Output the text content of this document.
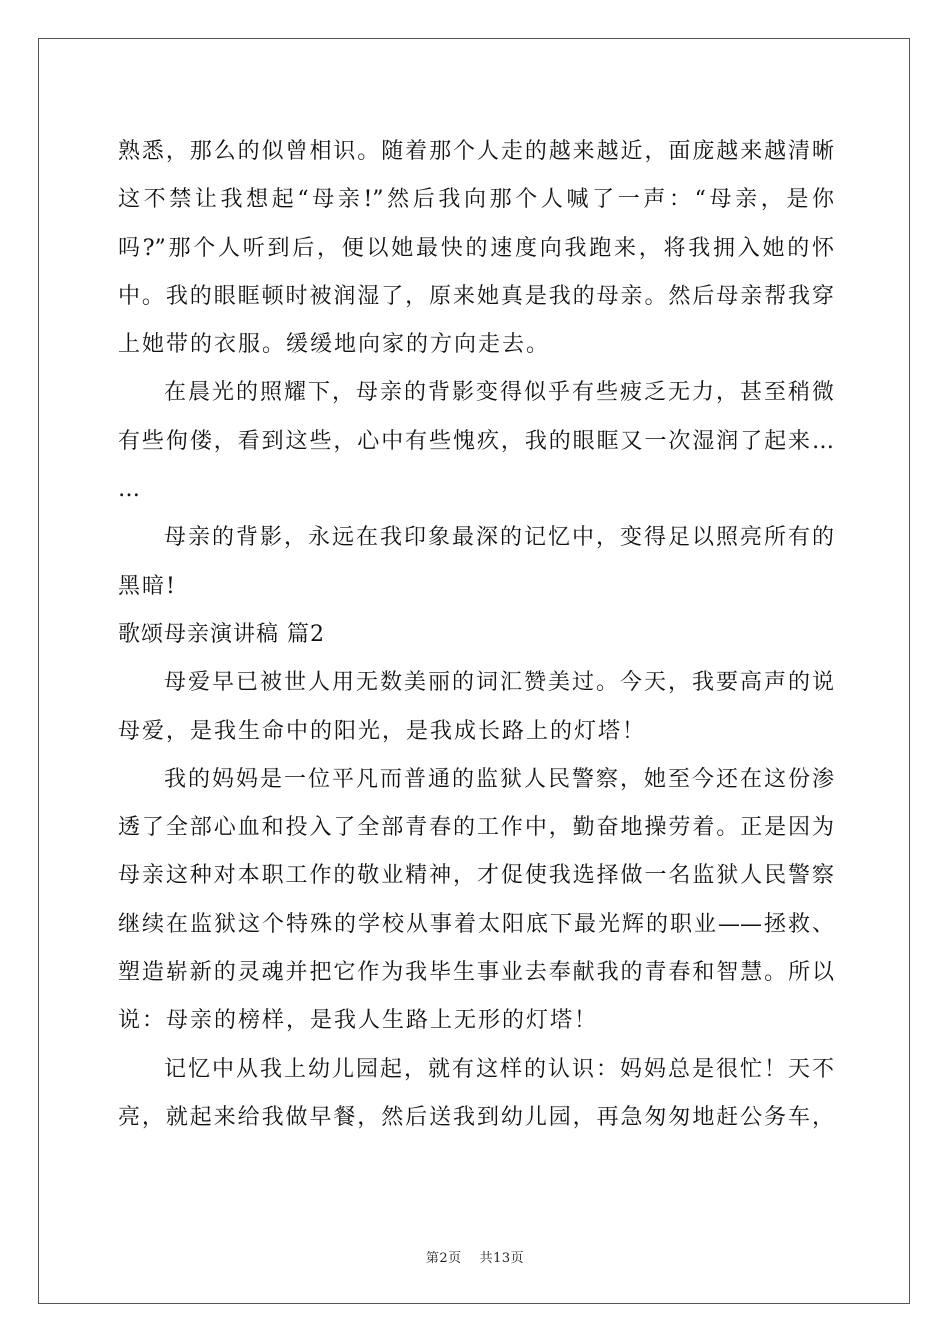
熟悉，那么的似曾相识。随着那个人走的越来越近，面庞越来越清晰
这不禁让我想起“母亲!”然后我向那个人喊了一声：“母亲，是你
吗?”那个人听到后，便以她最快的速度向我跑来，将我拥入她的怀
中。我的眼眶顿时被润湿了，原来她真是我的母亲。然后母亲帮我穿
上她带的衣服。缓缓地向家的方向走去。
在晨光的照耀下，母亲的背影变得似乎有些疲乏无力，甚至稍微
有些佝偻，看到这些，心中有些愧疚，我的眼眶又一次湿润了起来…
…
母亲的背影，永远在我印象最深的记忆中，变得足以照亮所有的
黑暗!
歌颂母亲演讲稿 篇2
母爱早已被世人用无数美丽的词汇赞美过。今天，我要高声的说
母爱，是我生命中的阳光，是我成长路上的灯塔！
我的妈妈是一位平凡而普通的监狱人民警察，她至今还在这份渗
透了全部心血和投入了全部青春的工作中，勤奋地操劳着。正是因为
母亲这种对本职工作的敬业精神，才促使我选择做一名监狱人民警察
继续在监狱这个特殊的学校从事着太阳底下最光辉的职业——拯救、
塑造崭新的灵魂并把它作为我毕生事业去奉献我的青春和智慧。所以
说：母亲的榜样，是我人生路上无形的灯塔！
记忆中从我上幼儿园起，就有这样的认识：妈妈总是很忙！天不
亮，就起来给我做早餐，然后送我到幼儿园，再急匆匆地赶公务车，
第2页 共13页
